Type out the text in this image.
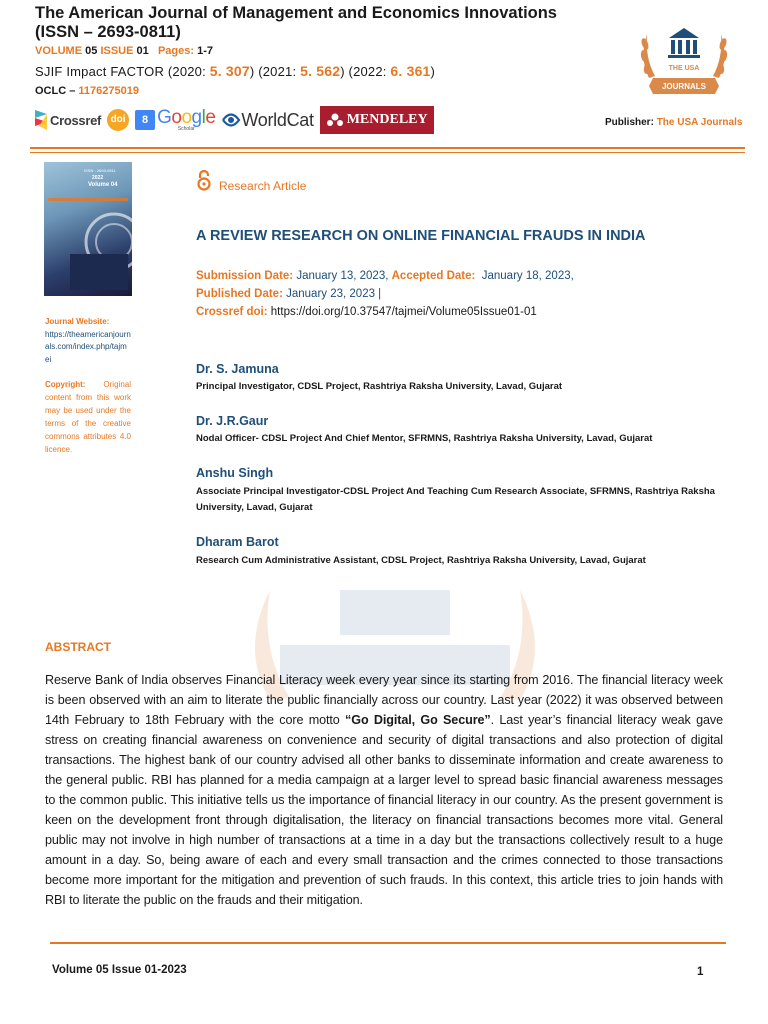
The American Journal of Management and Economics Innovations
(ISSN – 2693-0811)
VOLUME 05 ISSUE 01 Pages: 1-7
SJIF Impact FACTOR (2020: 5. 307) (2021: 5. 562) (2022: 6. 361)
OCLC – 1176275019
Crossref doi	8 Google
Scholar	WorldCat MENDELEY
THE USA
JOURNALS
Publisher: The USA Journals
ISSN - 2693-0811
2022
Volume 04
Journal Website:
https://theamericanjournals.com/index.php/tajmei
Copyright: Original content from this work may be used under the terms of the creative commons attributes 4.0 licence.
Research Article
A REVIEW RESEARCH ON ONLINE FINANCIAL FRAUDS IN INDIA
Submission Date: January 13, 2023, Accepted Date: January 18, 2023,
Published Date: January 23, 2023 |
Crossref doi: https://doi.org/10.37547/tajmei/Volume05Issue01-01
Dr. S. Jamuna
Principal Investigator, CDSL Project, Rashtriya Raksha University, Lavad, Gujarat
Dr. J.R.Gaur
Nodal Officer- CDSL Project And Chief Mentor, SFRMNS, Rashtriya Raksha University, Lavad, Gujarat
Anshu Singh
Associate Principal Investigator-CDSL Project And Teaching Cum Research Associate, SFRMNS, Rashtriya Raksha University, Lavad, Gujarat
Dharam Barot
Research Cum Administrative Assistant, CDSL Project, Rashtriya Raksha University, Lavad, Gujarat
ABSTRACT
Reserve Bank of India observes Financial Literacy week every year since its starting from 2016. The financial literacy week is been observed with an aim to literate the public financially across our country. Last year (2022) it was observed between 14th February to 18th February with the core motto “Go Digital, Go Secure”. Last year’s financial literacy weak gave stress on creating financial awareness on convenience and security of digital transactions and also protection of digital transactions. The highest bank of our country advised all other banks to disseminate information and create awareness to the general public. RBI has planned for a media campaign at a larger level to spread basic financial awareness messages to the common public. This initiative tells us the importance of financial literacy in our country. As the present government is keen on the development front through digitalisation, the literacy on financial transactions becomes more vital. General public may not involve in high number of transactions at a time in a day but the transactions collectively result to a huge amount in a day. So, being aware of each and every small transaction and the crimes connected to those transactions become more important for the mitigation and prevention of such frauds. In this context, this article tries to join hands with RBI to literate the public on the frauds and their mitigation.
Volume 05 Issue 01-2023	1
